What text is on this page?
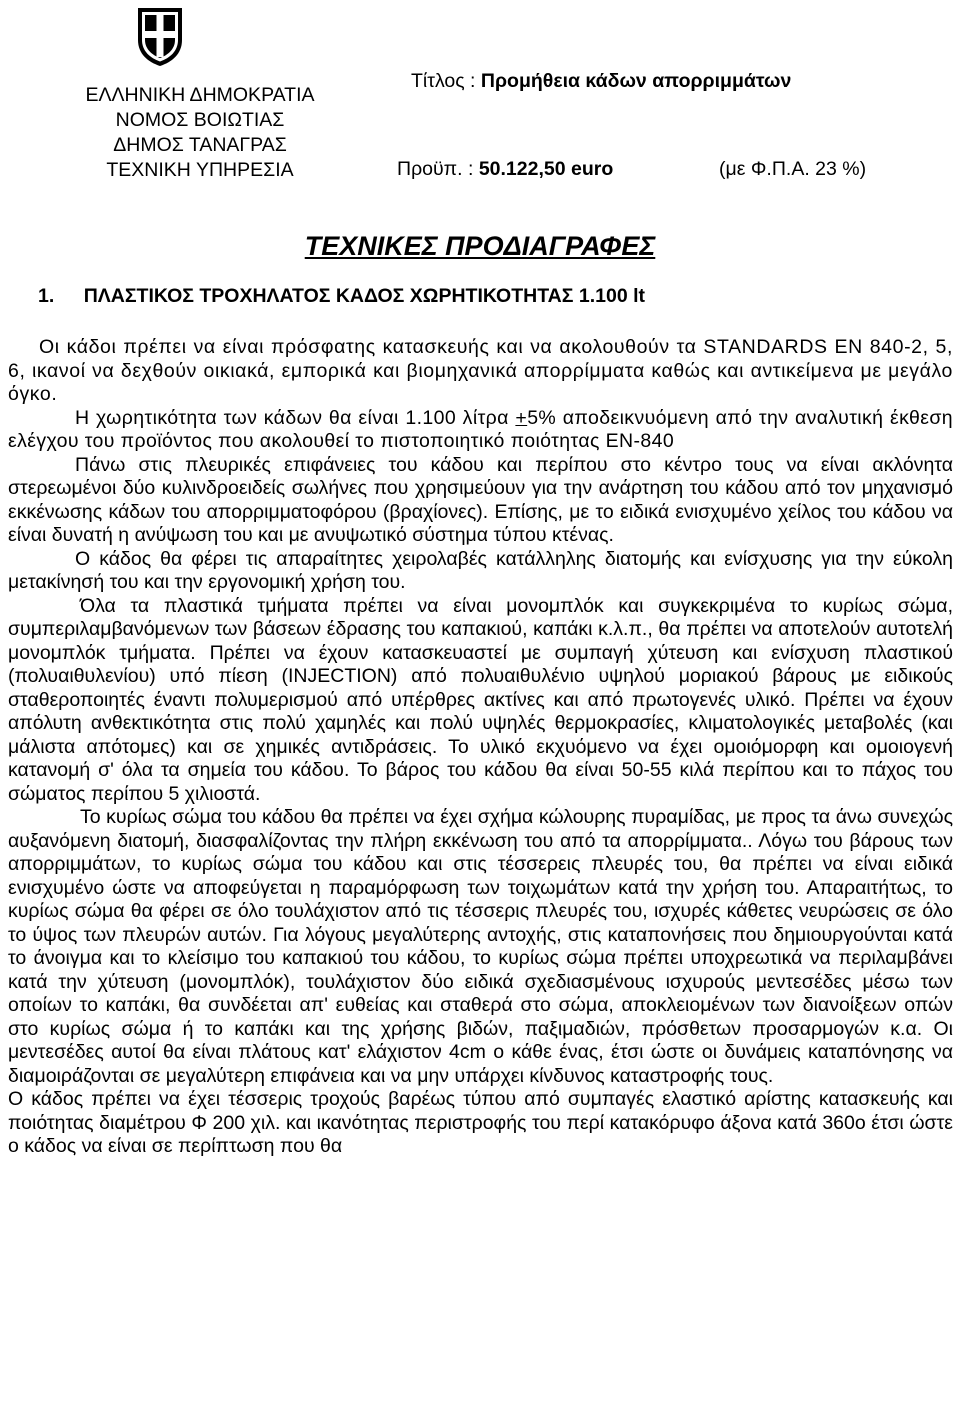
ΕΛΛΗΝΙΚΗ ΔΗΜΟΚΡΑΤΙΑ
ΝΟΜΟΣ ΒΟΙΩΤΙΑΣ
ΔΗΜΟΣ ΤΑΝΑΓΡΑΣ
ΤΕΧΝΙΚΗ ΥΠΗΡΕΣΙΑ
Τίτλος : Προμήθεια κάδων απορριμμάτων
Προϋπ. : 50.122,50 euro	(με Φ.Π.Α. 23 %)
ΤΕΧΝΙΚΕΣ ΠΡΟΔΙΑΓΡΑΦΕΣ
1. ΠΛΑΣΤΙΚΟΣ ΤΡΟΧΗΛΑΤΟΣ ΚΑΔΟΣ ΧΩΡΗΤΙΚΟΤΗΤΑΣ 1.100 lt

Οι κάδοι πρέπει να είναι πρόσφατης κατασκευής και να ακολουθούν τα STANDARDS EN 840-2, 5, 6, ικανοί να δεχθούν οικιακά, εμπορικά και βιομηχανικά απορρίμματα καθώς και αντικείμενα με μεγάλο όγκο.

Η χωρητικότητα των κάδων θα είναι 1.100 λίτρα +5% αποδεικνυόμενη από την αναλυτική έκθεση ελέγχου του προϊόντος που ακολουθεί το πιστοποιητικό ποιότητας ΕΝ-840

Πάνω στις πλευρικές επιφάνειες του κάδου και περίπου στο κέντρο τους να είναι ακλόνητα στερεωμένοι δύο κυλινδροειδείς σωλήνες που χρησιμεύουν για την ανάρτηση του κάδου από τον μηχανισμό εκκένωσης κάδων του απορριμματοφόρου (βραχίονες). Επίσης, με το ειδικά ενισχυμένο χείλος του κάδου να είναι δυνατή η ανύψωση του και με ανυψωτικό σύστημα τύπου κτένας.

Ο κάδος θα φέρει τις απαραίτητες χειρολαβές κατάλληλης διατομής και ενίσχυσης για την εύκολη μετακίνησή του και την εργονομική χρήση του.

Όλα τα πλαστικά τμήματα πρέπει να είναι μονομπλόκ και συγκεκριμένα το κυρίως σώμα, συμπεριλαμβανόμενων των βάσεων έδρασης του καπακιού, καπάκι κ.λ.π., θα πρέπει να αποτελούν αυτοτελή μονομπλόκ τμήματα. Πρέπει να έχουν κατασκευαστεί με συμπαγή χύτευση και ενίσχυση πλαστικού (πολυαιθυλενίου) υπό πίεση (INJECTION) από πολυαιθυλένιο υψηλού μοριακού βάρους με ειδικούς σταθεροποιητές έναντι πολυμερισμού από υπέρθρες ακτίνες και από πρωτογενές υλικό. Πρέπει να έχουν απόλυτη ανθεκτικότητα στις πολύ χαμηλές και πολύ υψηλές θερμοκρασίες, κλιματολογικές μεταβολές (και μάλιστα απότομες) και σε χημικές αντιδράσεις. Το υλικό εκχυόμενο να έχει ομοιόμορφη και ομοιογενή κατανομή σ' όλα τα σημεία του κάδου. Το βάρος του κάδου θα είναι 50-55 κιλά περίπου και το πάχος του σώματος περίπου 5 χιλιοστά.

Το κυρίως σώμα του κάδου θα πρέπει να έχει σχήμα κώλουρης πυραμίδας, με προς τα άνω συνεχώς αυξανόμενη διατομή, διασφαλίζοντας την πλήρη εκκένωση του από τα απορρίμματα.. Λόγω του βάρους των απορριμμάτων, το κυρίως σώμα του κάδου και στις τέσσερεις πλευρές του, θα πρέπει να είναι ειδικά ενισχυμένο ώστε να αποφεύγεται η παραμόρφωση των τοιχωμάτων κατά την χρήση του. Απαραιτήτως, το κυρίως σώμα θα φέρει σε όλο τουλάχιστον από τις τέσσερις πλευρές του, ισχυρές κάθετες νευρώσεις σε όλο το ύψος των πλευρών αυτών. Για λόγους μεγαλύτερης αντοχής, στις καταπονήσεις που δημιουργούνται κατά το άνοιγμα και το κλείσιμο του καπακιού του κάδου, το κυρίως σώμα πρέπει υποχρεωτικά να περιλαμβάνει κατά την χύτευση (μονομπλόκ), τουλάχιστον δύο ειδικά σχεδιασμένους ισχυρούς μεντεσέδες μέσω των οποίων το καπάκι, θα συνδέεται απ' ευθείας και σταθερά στο σώμα, αποκλειομένων των διανοίξεων οπών στο κυρίως σώμα ή το καπάκι και της χρήσης βιδών, παξιμαδιών, πρόσθετων προσαρμογών κ.α. Οι μεντεσέδες αυτοί θα είναι πλάτους κατ' ελάχιστον 4cm ο κάθε ένας, έτσι ώστε οι δυνάμεις καταπόνησης να διαμοιράζονται σε μεγαλύτερη επιφάνεια και να μην υπάρχει κίνδυνος καταστροφής τους.

Ο κάδος πρέπει να έχει τέσσερις τροχούς βαρέως τύπου από συμπαγές ελαστικό αρίστης κατασκευής και ποιότητας διαμέτρου Φ 200 χιλ. και ικανότητας περιστροφής του περί κατακόρυφο άξονα κατά 360ο έτσι ώστε ο κάδος να είναι σε περίπτωση που θα
